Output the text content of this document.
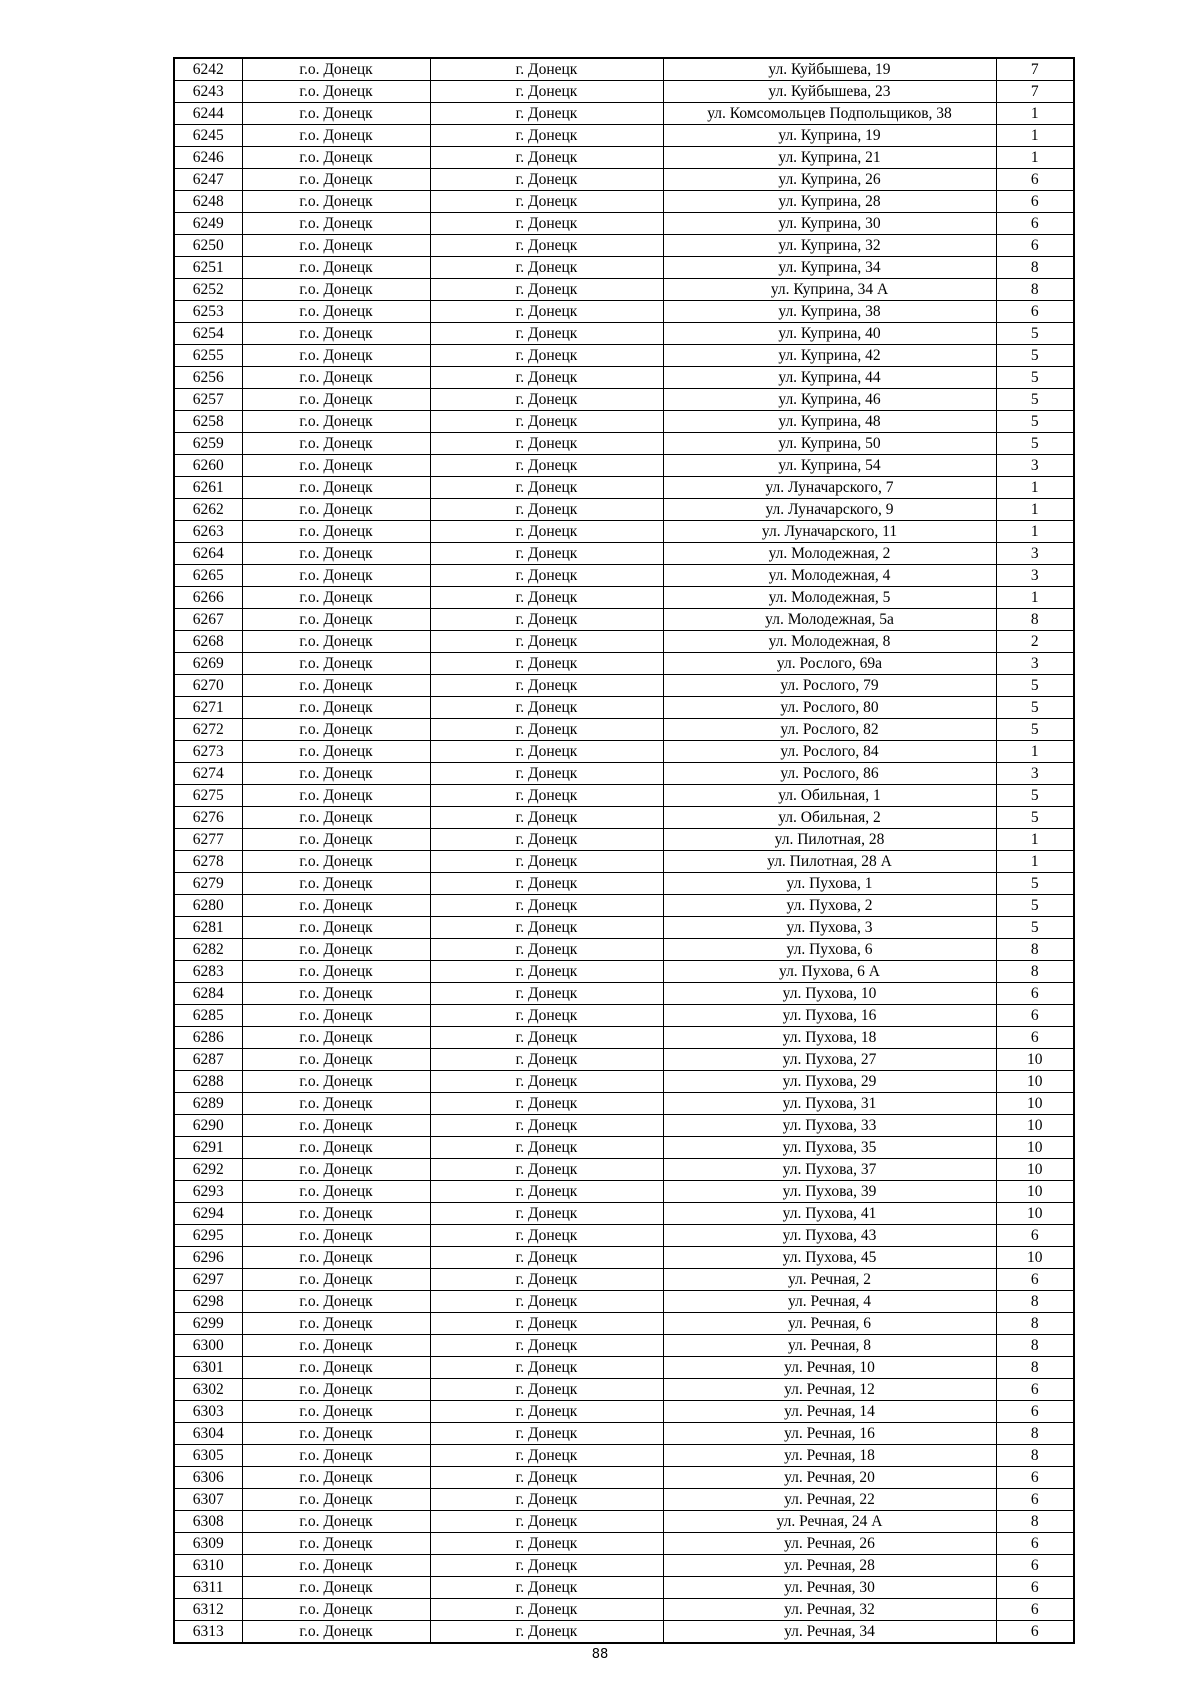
6242	г.о. Донецк	г. Донецк	ул. Куйбышева, 19	7
6243	г.о. Донецк	г. Донецк	ул. Куйбышева, 23	7
6244	г.о. Донецк	г. Донецк	ул. Комсомольцев Подпольщиков, 38	1
6245	г.о. Донецк	г. Донецк	ул. Куприна, 19	1
6246	г.о. Донецк	г. Донецк	ул. Куприна, 21	1
6247	г.о. Донецк	г. Донецк	ул. Куприна, 26	6
6248	г.о. Донецк	г. Донецк	ул. Куприна, 28	6
6249	г.о. Донецк	г. Донецк	ул. Куприна, 30	6
6250	г.о. Донецк	г. Донецк	ул. Куприна, 32	6
6251	г.о. Донецк	г. Донецк	ул. Куприна, 34	8
6252	г.о. Донецк	г. Донецк	ул. Куприна, 34 А	8
6253	г.о. Донецк	г. Донецк	ул. Куприна, 38	6
6254	г.о. Донецк	г. Донецк	ул. Куприна, 40	5
6255	г.о. Донецк	г. Донецк	ул. Куприна, 42	5
6256	г.о. Донецк	г. Донецк	ул. Куприна, 44	5
6257	г.о. Донецк	г. Донецк	ул. Куприна, 46	5
6258	г.о. Донецк	г. Донецк	ул. Куприна, 48	5
6259	г.о. Донецк	г. Донецк	ул. Куприна, 50	5
6260	г.о. Донецк	г. Донецк	ул. Куприна, 54	3
6261	г.о. Донецк	г. Донецк	ул. Луначарского, 7	1
6262	г.о. Донецк	г. Донецк	ул. Луначарского, 9	1
6263	г.о. Донецк	г. Донецк	ул. Луначарского, 11	1
6264	г.о. Донецк	г. Донецк	ул. Молодежная, 2	3
6265	г.о. Донецк	г. Донецк	ул. Молодежная, 4	3
6266	г.о. Донецк	г. Донецк	ул. Молодежная, 5	1
6267	г.о. Донецк	г. Донецк	ул. Молодежная, 5а	8
6268	г.о. Донецк	г. Донецк	ул. Молодежная, 8	2
6269	г.о. Донецк	г. Донецк	ул. Рослого, 69а	3
6270	г.о. Донецк	г. Донецк	ул. Рослого, 79	5
6271	г.о. Донецк	г. Донецк	ул. Рослого, 80	5
6272	г.о. Донецк	г. Донецк	ул. Рослого, 82	5
6273	г.о. Донецк	г. Донецк	ул. Рослого, 84	1
6274	г.о. Донецк	г. Донецк	ул. Рослого, 86	3
6275	г.о. Донецк	г. Донецк	ул. Обильная, 1	5
6276	г.о. Донецк	г. Донецк	ул. Обильная, 2	5
6277	г.о. Донецк	г. Донецк	ул. Пилотная, 28	1
6278	г.о. Донецк	г. Донецк	ул. Пилотная, 28 А	1
6279	г.о. Донецк	г. Донецк	ул. Пухова, 1	5
6280	г.о. Донецк	г. Донецк	ул. Пухова, 2	5
6281	г.о. Донецк	г. Донецк	ул. Пухова, 3	5
6282	г.о. Донецк	г. Донецк	ул. Пухова, 6	8
6283	г.о. Донецк	г. Донецк	ул. Пухова, 6 А	8
6284	г.о. Донецк	г. Донецк	ул. Пухова, 10	6
6285	г.о. Донецк	г. Донецк	ул. Пухова, 16	6
6286	г.о. Донецк	г. Донецк	ул. Пухова, 18	6
6287	г.о. Донецк	г. Донецк	ул. Пухова, 27	10
6288	г.о. Донецк	г. Донецк	ул. Пухова, 29	10
6289	г.о. Донецк	г. Донецк	ул. Пухова, 31	10
6290	г.о. Донецк	г. Донецк	ул. Пухова, 33	10
6291	г.о. Донецк	г. Донецк	ул. Пухова, 35	10
6292	г.о. Донецк	г. Донецк	ул. Пухова, 37	10
6293	г.о. Донецк	г. Донецк	ул. Пухова, 39	10
6294	г.о. Донецк	г. Донецк	ул. Пухова, 41	10
6295	г.о. Донецк	г. Донецк	ул. Пухова, 43	6
6296	г.о. Донецк	г. Донецк	ул. Пухова, 45	10
6297	г.о. Донецк	г. Донецк	ул. Речная, 2	6
6298	г.о. Донецк	г. Донецк	ул. Речная, 4	8
6299	г.о. Донецк	г. Донецк	ул. Речная, 6	8
6300	г.о. Донецк	г. Донецк	ул. Речная, 8	8
6301	г.о. Донецк	г. Донецк	ул. Речная, 10	8
6302	г.о. Донецк	г. Донецк	ул. Речная, 12	6
6303	г.о. Донецк	г. Донецк	ул. Речная, 14	6
6304	г.о. Донецк	г. Донецк	ул. Речная, 16	8
6305	г.о. Донецк	г. Донецк	ул. Речная, 18	8
6306	г.о. Донецк	г. Донецк	ул. Речная, 20	6
6307	г.о. Донецк	г. Донецк	ул. Речная, 22	6
6308	г.о. Донецк	г. Донецк	ул. Речная, 24 А	8
6309	г.о. Донецк	г. Донецк	ул. Речная, 26	6
6310	г.о. Донецк	г. Донецк	ул. Речная, 28	6
6311	г.о. Донецк	г. Донецк	ул. Речная, 30	6
6312	г.о. Донецк	г. Донецк	ул. Речная, 32	6
6313	г.о. Донецк	г. Донецк	ул. Речная, 34	6
88
